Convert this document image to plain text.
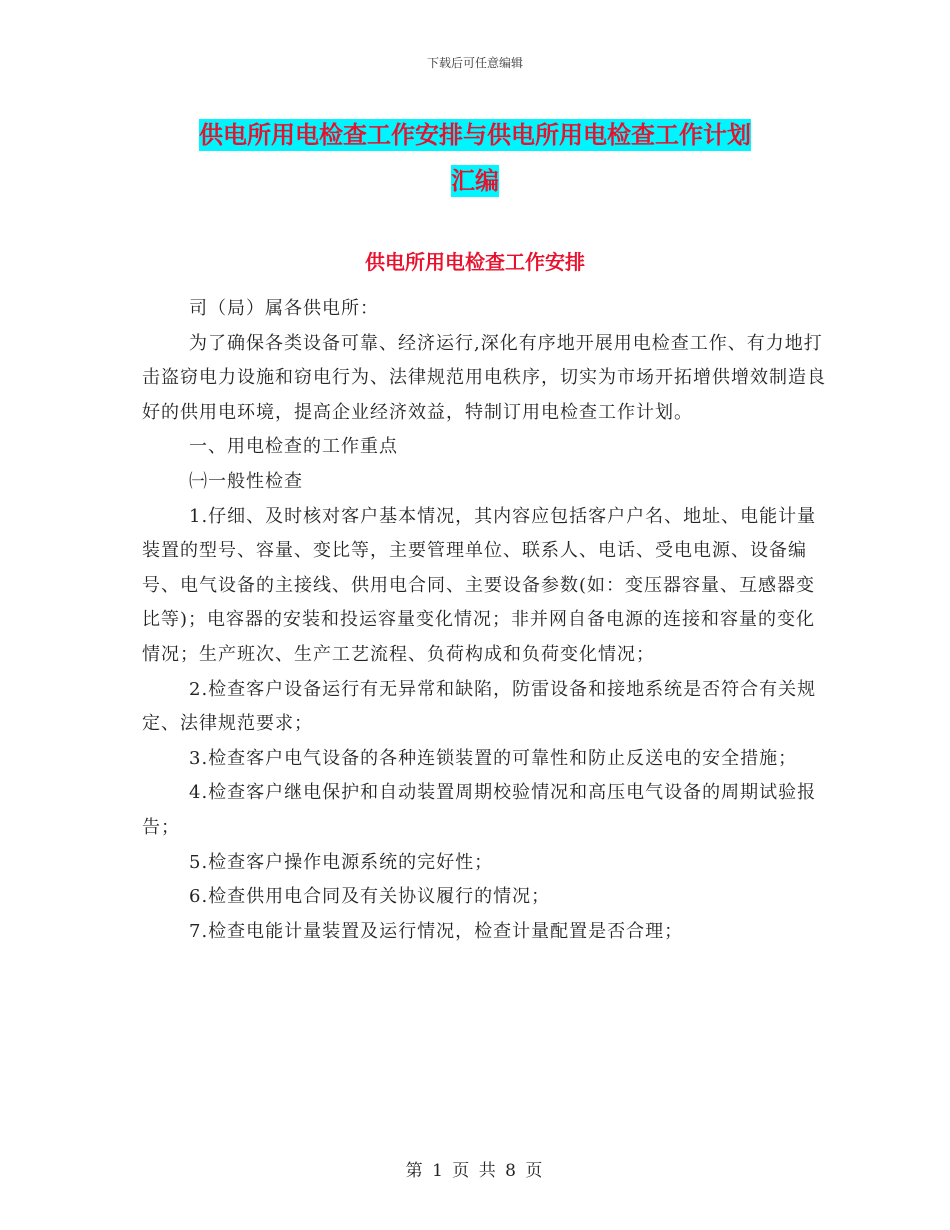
下载后可任意编辑
供电所用电检查工作安排与供电所用电检查工作计划
汇编
供电所用电检查工作安排

司（局）属各供电所：

为了确保各类设备可靠、经济运行,深化有序地开展用电检查工作、有力地打击盗窃电力设施和窃电行为、法律规范用电秩序，切实为市场开拓增供增效制造良好的供用电环境，提高企业经济效益，特制订用电检查工作计划。

一、用电检查的工作重点

㈠一般性检查

1.仔细、及时核对客户基本情况，其内容应包括客户户名、地址、电能计量装置的型号、容量、变比等，主要管理单位、联系人、电话、受电电源、设备编号、电气设备的主接线、供用电合同、主要设备参数(如：变压器容量、互感器变比等)；电容器的安装和投运容量变化情况；非并网自备电源的连接和容量的变化情况；生产班次、生产工艺流程、负荷构成和负荷变化情况；

2.检查客户设备运行有无异常和缺陷，防雷设备和接地系统是否符合有关规定、法律规范要求；

3.检查客户电气设备的各种连锁装置的可靠性和防止反送电的安全措施；

4.检查客户继电保护和自动装置周期校验情况和高压电气设备的周期试验报告；

5.检查客户操作电源系统的完好性；

6.检查供用电合同及有关协议履行的情况；

7.检查电能计量装置及运行情况，检查计量配置是否合理；

第 1 页 共 8 页
